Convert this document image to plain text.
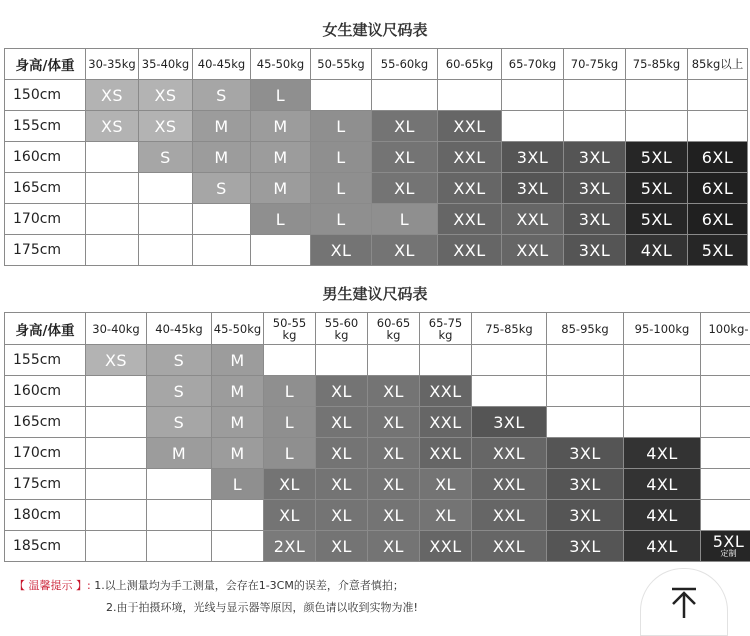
女生建议尺码表
身高/体重	30-35kg	35-40kg	40-45kg	45-50kg	50-55kg	55-60kg	60-65kg	65-70kg	70-75kg	75-85kg	85kg以上
150cm	XS	XS	S	L							
155cm	XS	XS	M	M	L	XL	XXL				
160cm		S	M	M	L	XL	XXL	3XL	3XL	5XL	6XL
165cm			S	M	L	XL	XXL	3XL	3XL	5XL	6XL
170cm				L	L	L	XXL	XXL	3XL	5XL	6XL
175cm					XL	XL	XXL	XXL	3XL	4XL	5XL
男生建议尺码表
身高/体重	30-40kg	40-45kg	45-50kg	50-55 kg	55-60 kg	60-65 kg	65-75 kg	75-85kg	85-95kg	95-100kg	100kg-
155cm	XS	S	M								
160cm		S	M	L	XL	XL	XXL				
165cm		S	M	L	XL	XL	XXL	3XL			
170cm		M	M	L	XL	XL	XXL	XXL	3XL	4XL	
175cm			L	XL	XL	XL	XL	XXL	3XL	4XL	
180cm				XL	XL	XL	XL	XXL	3XL	4XL	
185cm				2XL	XL	XL	XXL	XXL	3XL	4XL	5XL
定制
【 温馨提示 】: 1.以上测量均为手工测量，会存在1-3CM的误差，介意者慎拍；
2.由于拍摄环境，光线与显示器等原因，颜色请以收到实物为准!
